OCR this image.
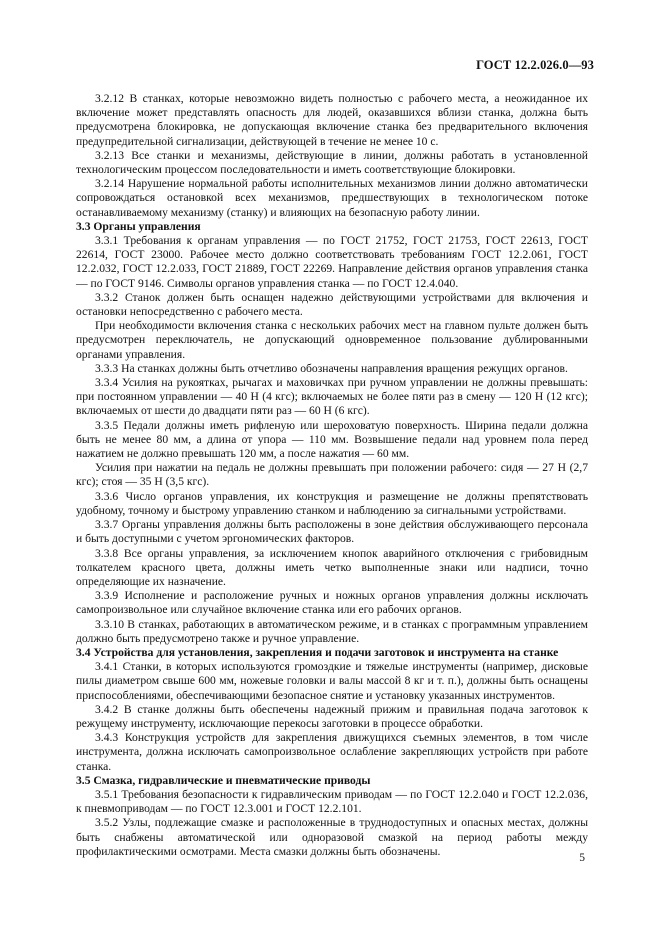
ГОСТ 12.2.026.0—93

3.2.12 В станках, которые невозможно видеть полностью с рабочего места, а неожиданное их включение может представлять опасность для людей, оказавшихся вблизи станка, должна быть предусмотрена блокировка, не допускающая включение станка без предварительного включения предупредительной сигнализации, действующей в течение не менее 10 с.

3.2.13 Все станки и механизмы, действующие в линии, должны работать в установленной технологическим процессом последовательности и иметь соответствующие блокировки.

3.2.14 Нарушение нормальной работы исполнительных механизмов линии должно автоматически сопровождаться остановкой всех механизмов, предшествующих в технологическом потоке останавливаемому механизму (станку) и влияющих на безопасную работу линии.

3.3 Органы управления

3.3.1 Требования к органам управления — по ГОСТ 21752, ГОСТ 21753, ГОСТ 22613, ГОСТ 22614, ГОСТ 23000. Рабочее место должно соответствовать требованиям ГОСТ 12.2.061, ГОСТ 12.2.032, ГОСТ 12.2.033, ГОСТ 21889, ГОСТ 22269. Направление действия органов управления станка — по ГОСТ 9146. Символы органов управления станка — по ГОСТ 12.4.040.

3.3.2 Станок должен быть оснащен надежно действующими устройствами для включения и остановки непосредственно с рабочего места.

При необходимости включения станка с нескольких рабочих мест на главном пульте должен быть предусмотрен переключатель, не допускающий одновременное пользование дублированными органами управления.

3.3.3 На станках должны быть отчетливо обозначены направления вращения режущих органов.

3.3.4 Усилия на рукоятках, рычагах и маховичках при ручном управлении не должны превышать: при постоянном управлении — 40 Н (4 кгс); включаемых не более пяти раз в смену — 120 Н (12 кгс); включаемых от шести до двадцати пяти раз — 60 Н (6 кгс).

3.3.5 Педали должны иметь рифленую или шероховатую поверхность. Ширина педали должна быть не менее 80 мм, а длина от упора — 110 мм. Возвышение педали над уровнем пола перед нажатием не должно превышать 120 мм, а после нажатия — 60 мм.

Усилия при нажатии на педаль не должны превышать при положении рабочего: сидя — 27 Н (2,7 кгс); стоя — 35 Н (3,5 кгс).

3.3.6 Число органов управления, их конструкция и размещение не должны препятствовать удобному, точному и быстрому управлению станком и наблюдению за сигнальными устройствами.

3.3.7 Органы управления должны быть расположены в зоне действия обслуживающего персонала и быть доступными с учетом эргономических факторов.

3.3.8 Все органы управления, за исключением кнопок аварийного отключения с грибовидным толкателем красного цвета, должны иметь четко выполненные знаки или надписи, точно определяющие их назначение.

3.3.9 Исполнение и расположение ручных и ножных органов управления должны исключать самопроизвольное или случайное включение станка или его рабочих органов.

3.3.10 В станках, работающих в автоматическом режиме, и в станках с программным управлением должно быть предусмотрено также и ручное управление.

3.4 Устройства для установления, закрепления и подачи заготовок и инструмента на станке

3.4.1 Станки, в которых используются громоздкие и тяжелые инструменты (например, дисковые пилы диаметром свыше 600 мм, ножевые головки и валы массой 8 кг и т. п.), должны быть оснащены приспособлениями, обеспечивающими безопасное снятие и установку указанных инструментов.

3.4.2 В станке должны быть обеспечены надежный прижим и правильная подача заготовок к режущему инструменту, исключающие перекосы заготовки в процессе обработки.

3.4.3 Конструкция устройств для закрепления движущихся съемных элементов, в том числе инструмента, должна исключать самопроизвольное ослабление закрепляющих устройств при работе станка.

3.5 Смазка, гидравлические и пневматические приводы

3.5.1 Требования безопасности к гидравлическим приводам — по ГОСТ 12.2.040 и ГОСТ 12.2.036, к пневмоприводам — по ГОСТ 12.3.001 и ГОСТ 12.2.101.

3.5.2 Узлы, подлежащие смазке и расположенные в труднодоступных и опасных местах, должны быть снабжены автоматической или одноразовой смазкой на период работы между профилактическими осмотрами. Места смазки должны быть обозначены.

5
